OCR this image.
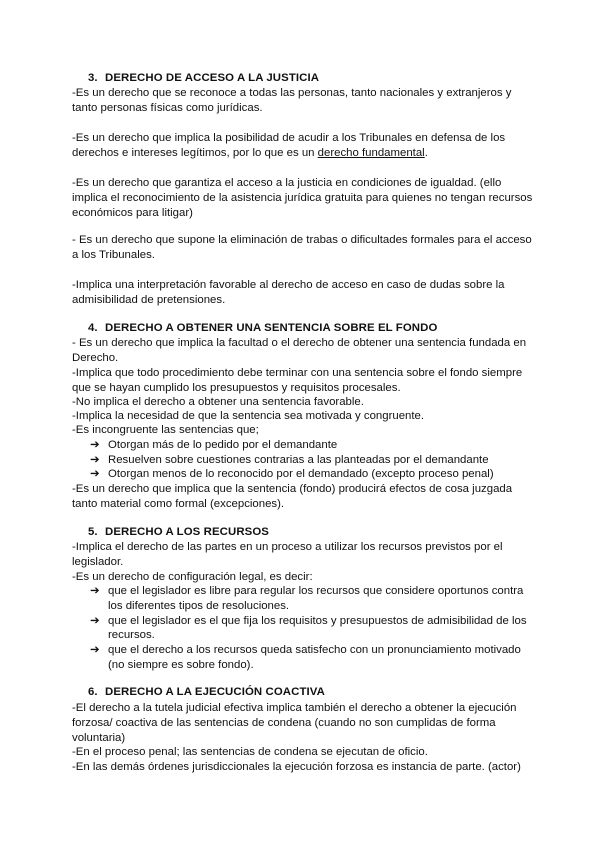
3. DERECHO DE ACCESO A LA JUSTICIA
-Es un derecho que se reconoce a todas las personas, tanto nacionales y extranjeros y
tanto personas físicas como jurídicas.
-Es un derecho que implica la posibilidad de acudir a los Tribunales en defensa de los
derechos e intereses legítimos, por lo que es un derecho fundamental.
-Es un derecho que garantiza el acceso a la justicia en condiciones de igualdad. (ello
implica el reconocimiento de la asistencia jurídica gratuita para quienes no tengan recursos
económicos para litigar)
- Es un derecho que supone la eliminación de trabas o dificultades formales para el acceso
a los Tribunales.
-Implica una interpretación favorable al derecho de acceso en caso de dudas sobre la
admisibilidad de pretensiones.
4. DERECHO A OBTENER UNA SENTENCIA SOBRE EL FONDO
- Es un derecho que implica la facultad o el derecho de obtener una sentencia fundada en
Derecho.
-Implica que todo procedimiento debe terminar con una sentencia sobre el fondo siempre
que se hayan cumplido los presupuestos y requisitos procesales.
-No implica el derecho a obtener una sentencia favorable.
-Implica la necesidad de que la sentencia sea motivada y congruente.
-Es incongruente las sentencias que;
➔ Otorgan más de lo pedido por el demandante
➔ Resuelven sobre cuestiones contrarias a las planteadas por el demandante
➔ Otorgan menos de lo reconocido por el demandado (excepto proceso penal)
-Es un derecho que implica que la sentencia (fondo) producirá efectos de cosa juzgada
tanto material como formal (excepciones).
5. DERECHO A LOS RECURSOS
-Implica el derecho de las partes en un proceso a utilizar los recursos previstos por el
legislador.
-Es un derecho de configuración legal, es decir:
➔ que el legislador es libre para regular los recursos que considere oportunos contra
los diferentes tipos de resoluciones.
➔ que el legislador es el que fija los requisitos y presupuestos de admisibilidad de los
recursos.
➔ que el derecho a los recursos queda satisfecho con un pronunciamiento motivado
(no siempre es sobre fondo).
6. DERECHO A LA EJECUCIÓN COACTIVA
-El derecho a la tutela judicial efectiva implica también el derecho a obtener la ejecución
forzosa/ coactiva de las sentencias de condena (cuando no son cumplidas de forma
voluntaria)
-En el proceso penal; las sentencias de condena se ejecutan de oficio.
-En las demás órdenes jurisdiccionales la ejecución forzosa es instancia de parte. (actor)
